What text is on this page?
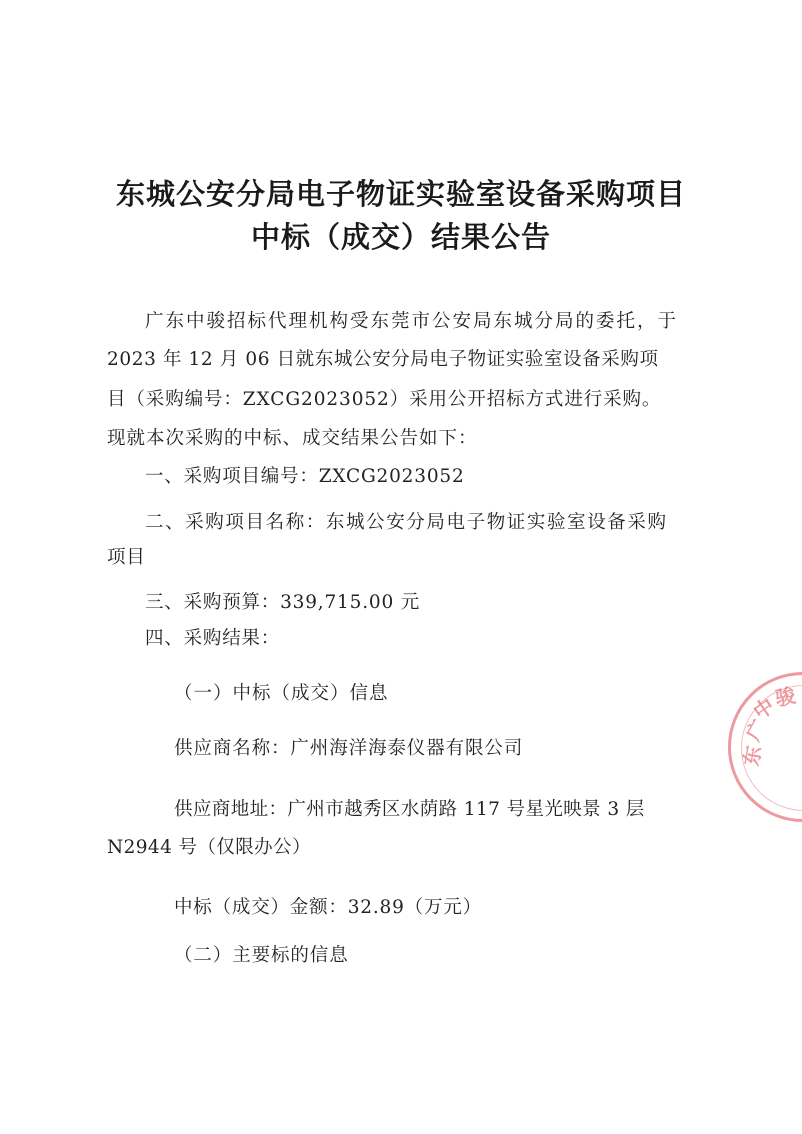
东城公安分局电子物证实验室设备采购项目
中标（成交）结果公告

广东中骏招标代理机构受东莞市公安局东城分局的委托，于

2023 年 12 月 06 日就东城公安分局电子物证实验室设备采购项

目（采购编号：ZXCG2023052）采用公开招标方式进行采购。

现就本次采购的中标、成交结果公告如下：

一、采购项目编号：ZXCG2023052

二、采购项目名称：东城公安分局电子物证实验室设备采购

项目

三、采购预算：339,715.00 元

四、采购结果：

（一）中标（成交）信息

供应商名称：广州海洋海泰仪器有限公司

供应商地址：广州市越秀区水荫路 117 号星光映景 3 层

N2944 号（仅限办公）

中标（成交）金额：32.89（万元）

（二）主要标的信息

广
东
中
骏
